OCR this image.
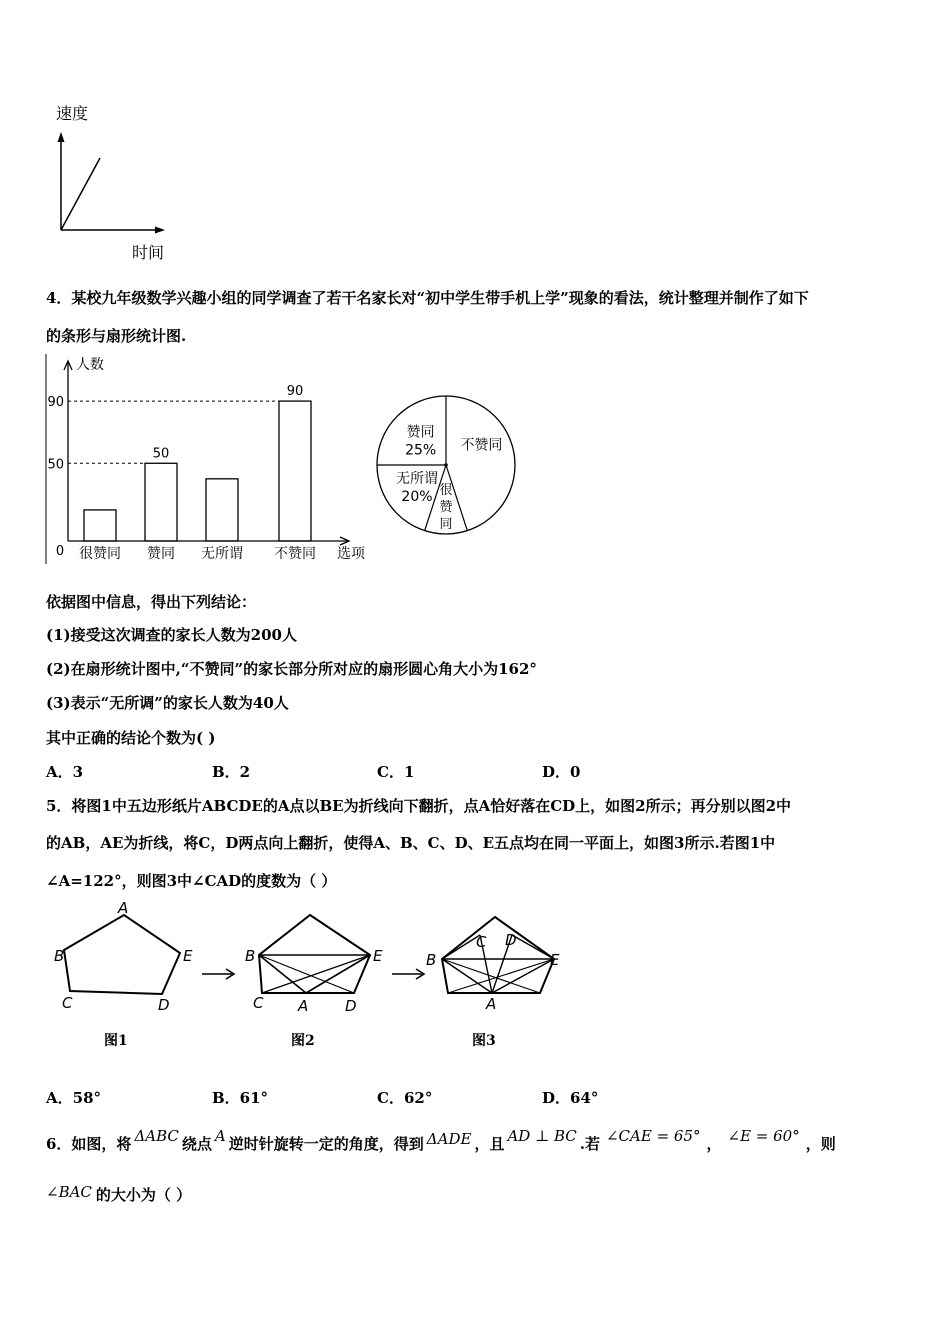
速度
时间
4．某校九年级数学兴趣小组的同学调查了若干名家长对“初中学生带手机上学”现象的看法，统计整理并制作了如下
的条形与扇形统计图.
人数
选项
0
50
90
很赞同 赞同
50
无所谓 不赞同
90
不赞同
很
赞
同
无所谓
20%
赞同
25%
依据图中信息，得出下列结论：
(1)接受这次调查的家长人数为200人
(2)在扇形统计图中,“不赞同”的家长部分所对应的扇形圆心角大小为162°
(3)表示“无所调”的家长人数为40人
其中正确的结论个数为( )
A．3	B．2	C．1	D．0
5．将图1中五边形纸片ABCDE的A点以BE为折线向下翻折，点A恰好落在CD上，如图2所示；再分别以图2中
的AB，AE为折线，将C，D两点向上翻折，使得A、B、C、D、E五点均在同一平面上，如图3所示.若图1中
∠A=122°，则图3中∠CAD的度数为（ ）
A
B
C	D
E	B	E
C A D
B	E
C D
A
图1	图2	图3
A．58°	B．61°	C．62°	D．64°
6．如图，将 ΔABC 绕点 A 逆时针旋转一定的角度，得到 ΔADE ，且 AD ⊥ BC .若 ∠CAE = 65° ， ∠E = 60° ，则
∠BAC 的大小为（ ）
